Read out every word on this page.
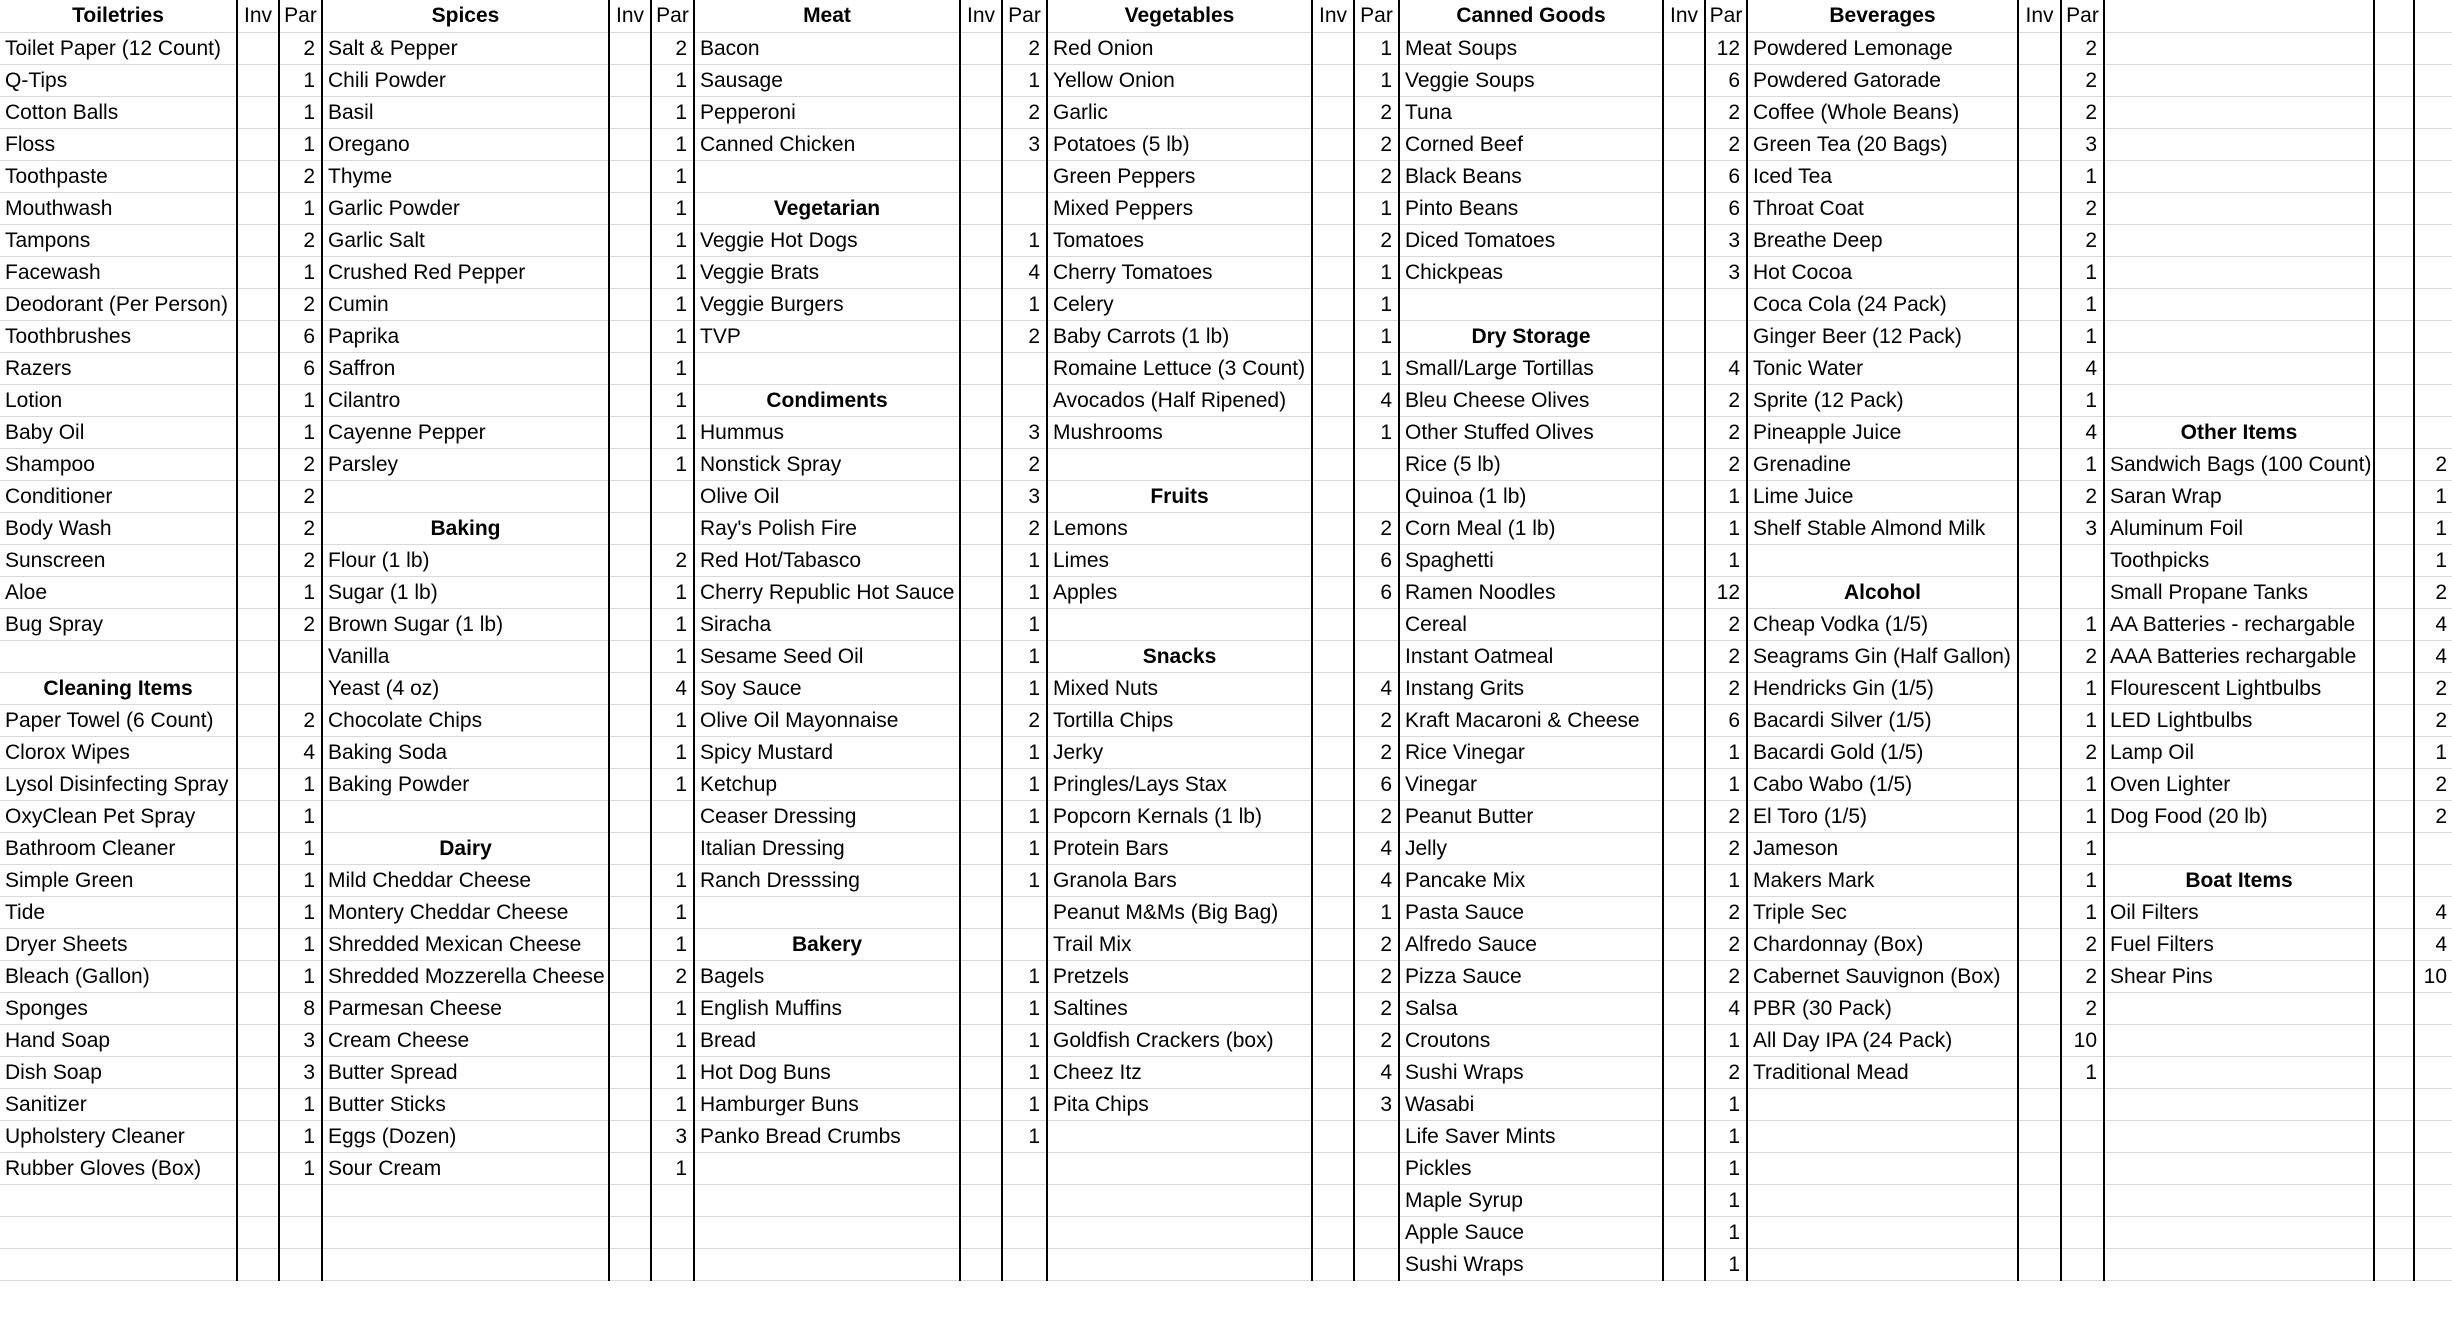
Toiletries	Inv	Par	Spices	Inv	Par	Meat	Inv	Par	Vegetables	Inv	Par	Canned Goods	Inv	Par	Beverages	Inv	Par			
Toilet Paper (12 Count)		2	Salt & Pepper		2	Bacon		2	Red Onion		1	Meat Soups		12	Powdered Lemonage		2			
Q-Tips		1	Chili Powder		1	Sausage		1	Yellow Onion		1	Veggie Soups		6	Powdered Gatorade		2			
Cotton Balls		1	Basil		1	Pepperoni		2	Garlic		2	Tuna		2	Coffee (Whole Beans)		2			
Floss		1	Oregano		1	Canned Chicken		3	Potatoes (5 lb)		2	Corned Beef		2	Green Tea (20 Bags)		3			
Toothpaste		2	Thyme		1				Green Peppers		2	Black Beans		6	Iced Tea		1			
Mouthwash		1	Garlic Powder		1	Vegetarian			Mixed Peppers		1	Pinto Beans		6	Throat Coat		2			
Tampons		2	Garlic Salt		1	Veggie Hot Dogs		1	Tomatoes		2	Diced Tomatoes		3	Breathe Deep		2			
Facewash		1	Crushed Red Pepper		1	Veggie Brats		4	Cherry Tomatoes		1	Chickpeas		3	Hot Cocoa		1			
Deodorant (Per Person)		2	Cumin		1	Veggie Burgers		1	Celery		1				Coca Cola (24 Pack)		1			
Toothbrushes		6	Paprika		1	TVP		2	Baby Carrots (1 lb)		1	Dry Storage			Ginger Beer (12 Pack)		1			
Razers		6	Saffron		1				Romaine Lettuce (3 Count)		1	Small/Large Tortillas		4	Tonic Water		4			
Lotion		1	Cilantro		1	Condiments			Avocados (Half Ripened)		4	Bleu Cheese Olives		2	Sprite (12 Pack)		1			
Baby Oil		1	Cayenne Pepper		1	Hummus		3	Mushrooms		1	Other Stuffed Olives		2	Pineapple Juice		4	Other Items		
Shampoo		2	Parsley		1	Nonstick Spray		2				Rice (5 lb)		2	Grenadine		1	Sandwich Bags (100 Count)		2
Conditioner		2				Olive Oil		3	Fruits			Quinoa (1 lb)		1	Lime Juice		2	Saran Wrap		1
Body Wash		2	Baking			Ray's Polish Fire		2	Lemons		2	Corn Meal (1 lb)		1	Shelf Stable Almond Milk		3	Aluminum Foil		1
Sunscreen		2	Flour (1 lb)		2	Red Hot/Tabasco		1	Limes		6	Spaghetti		1				Toothpicks		1
Aloe		1	Sugar (1 lb)		1	Cherry Republic Hot Sauce		1	Apples		6	Ramen Noodles		12	Alcohol			Small Propane Tanks		2
Bug Spray		2	Brown Sugar (1 lb)		1	Siracha		1				Cereal		2	Cheap Vodka (1/5)		1	AA Batteries - rechargable		4
			Vanilla		1	Sesame Seed Oil		1	Snacks			Instant Oatmeal		2	Seagrams Gin (Half Gallon)		2	AAA Batteries rechargable		4
Cleaning Items			Yeast (4 oz)		4	Soy Sauce		1	Mixed Nuts		4	Instang Grits		2	Hendricks Gin (1/5)		1	Flourescent Lightbulbs		2
Paper Towel (6 Count)		2	Chocolate Chips		1	Olive Oil Mayonnaise		2	Tortilla Chips		2	Kraft Macaroni & Cheese		6	Bacardi Silver (1/5)		1	LED Lightbulbs		2
Clorox Wipes		4	Baking Soda		1	Spicy Mustard		1	Jerky		2	Rice Vinegar		1	Bacardi Gold (1/5)		2	Lamp Oil		1
Lysol Disinfecting Spray		1	Baking Powder		1	Ketchup		1	Pringles/Lays Stax		6	Vinegar		1	Cabo Wabo (1/5)		1	Oven Lighter		2
OxyClean Pet Spray		1				Ceaser Dressing		1	Popcorn Kernals (1 lb)		2	Peanut Butter		2	El Toro (1/5)		1	Dog Food (20 lb)		2
Bathroom Cleaner		1	Dairy			Italian Dressing		1	Protein Bars		4	Jelly		2	Jameson		1			
Simple Green		1	Mild Cheddar Cheese		1	Ranch Dresssing		1	Granola Bars		4	Pancake Mix		1	Makers Mark		1	Boat Items		
Tide		1	Montery Cheddar Cheese		1				Peanut M&Ms (Big Bag)		1	Pasta Sauce		2	Triple Sec		1	Oil Filters		4
Dryer Sheets		1	Shredded Mexican Cheese		1	Bakery			Trail Mix		2	Alfredo Sauce		2	Chardonnay (Box)		2	Fuel Filters		4
Bleach (Gallon)		1	Shredded Mozzerella Cheese		2	Bagels		1	Pretzels		2	Pizza Sauce		2	Cabernet Sauvignon (Box)		2	Shear Pins		10
Sponges		8	Parmesan Cheese		1	English Muffins		1	Saltines		2	Salsa		4	PBR (30 Pack)		2			
Hand Soap		3	Cream Cheese		1	Bread		1	Goldfish Crackers (box)		2	Croutons		1	All Day IPA (24 Pack)		10			
Dish Soap		3	Butter Spread		1	Hot Dog Buns		1	Cheez Itz		4	Sushi Wraps		2	Traditional Mead		1			
Sanitizer		1	Butter Sticks		1	Hamburger Buns		1	Pita Chips		3	Wasabi		1						
Upholstery Cleaner		1	Eggs (Dozen)		3	Panko Bread Crumbs		1				Life Saver Mints		1						
Rubber Gloves (Box)		1	Sour Cream		1							Pickles		1						
												Maple Syrup		1						
												Apple Sauce		1						
												Sushi Wraps		1						
